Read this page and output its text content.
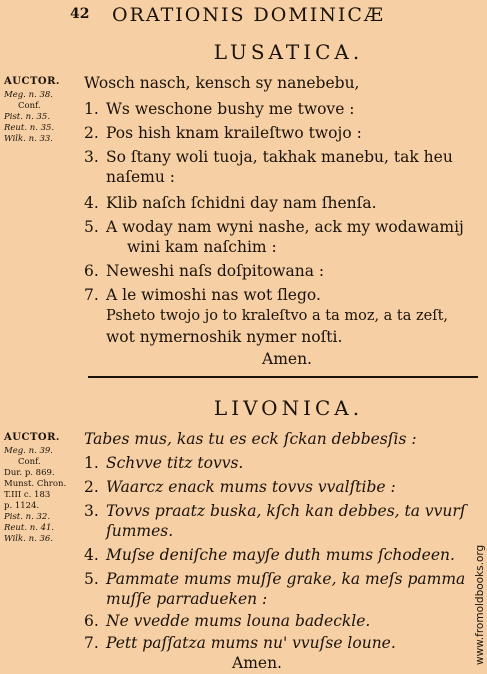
42 ORATIONIS DOMINICÆ
LUSATICA.
AUCTOR.
Meg. n. 38.
Conf.
Pist. n. 35.
Reut. n. 35.
Wilk. n. 33.
Wosch nasch, kensch sy nanebebu,
1. Ws weschone bushy me twove :
2. Pos hish knam kraileſtwo twojo :
3. So ſtany woli tuoja, takhak manebu, tak heu
naſemu :
4. Klib naſch ſchidni day nam ſhenſa.
5. A woday nam wyni nashe, ack my wodawamij
wini kam naſchim :
6. Neweshi naſs doſpitowana :
7. A le wimoshi nas wot ſlego.
Psheto twojo jo to kraleſtvo a ta moz, a ta zeſt,
wot nymernoshik nymer noſti.
Amen.
LIVONICA.
AUCTOR.
Meg. n. 39.
Conf.
Dur. p. 869.
Munst. Chron.
T.III c. 183
p. 1124.
Pist. n. 32.
Reut. n. 41.
Wilk. n. 36.
Tabes mus, kas tu es eck ſckan debbesſis :
1. Schvve titz tovvs.
2. Waarcz enack mums tovvs vvalſtibe :
3. Tovvs praatz buska, kſch kan debbes, ta vvurſ
ſummes.
4. Muſse deniſche mayſe duth mums ſchodeen.
5. Pammate mums muſſe grake, ka meſs pamma
muſſe parradueken :
6. Ne vvedde mums louna badeckle.
7. Pett paſſatza mums nu' vvuſse loune.
Amen.	www.fromoldbooks.org
